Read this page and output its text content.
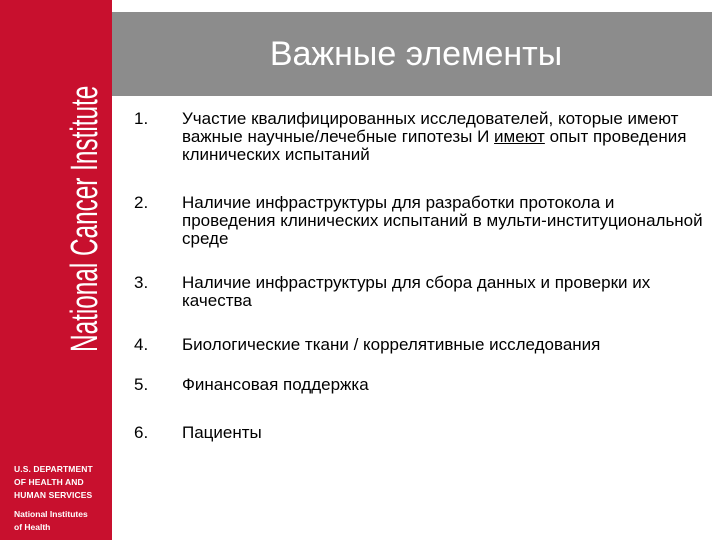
National Cancer Institute
U.S. DEPARTMENT
OF HEALTH AND
HUMAN SERVICES
National Institutes
of Health
Важные элементы
1. Участие квалифицированных исследователей, которые имеют важные научные/лечебные гипотезы И имеют опыт проведения клинических испытаний
2. Наличие инфраструктуры для разработки протокола и проведения клинических испытаний в мульти-институциональной среде
3. Наличие инфраструктуры для сбора данных и проверки их качества
4. Биологические ткани / коррелятивные исследования
5. Финансовая поддержка
6. Пациенты
